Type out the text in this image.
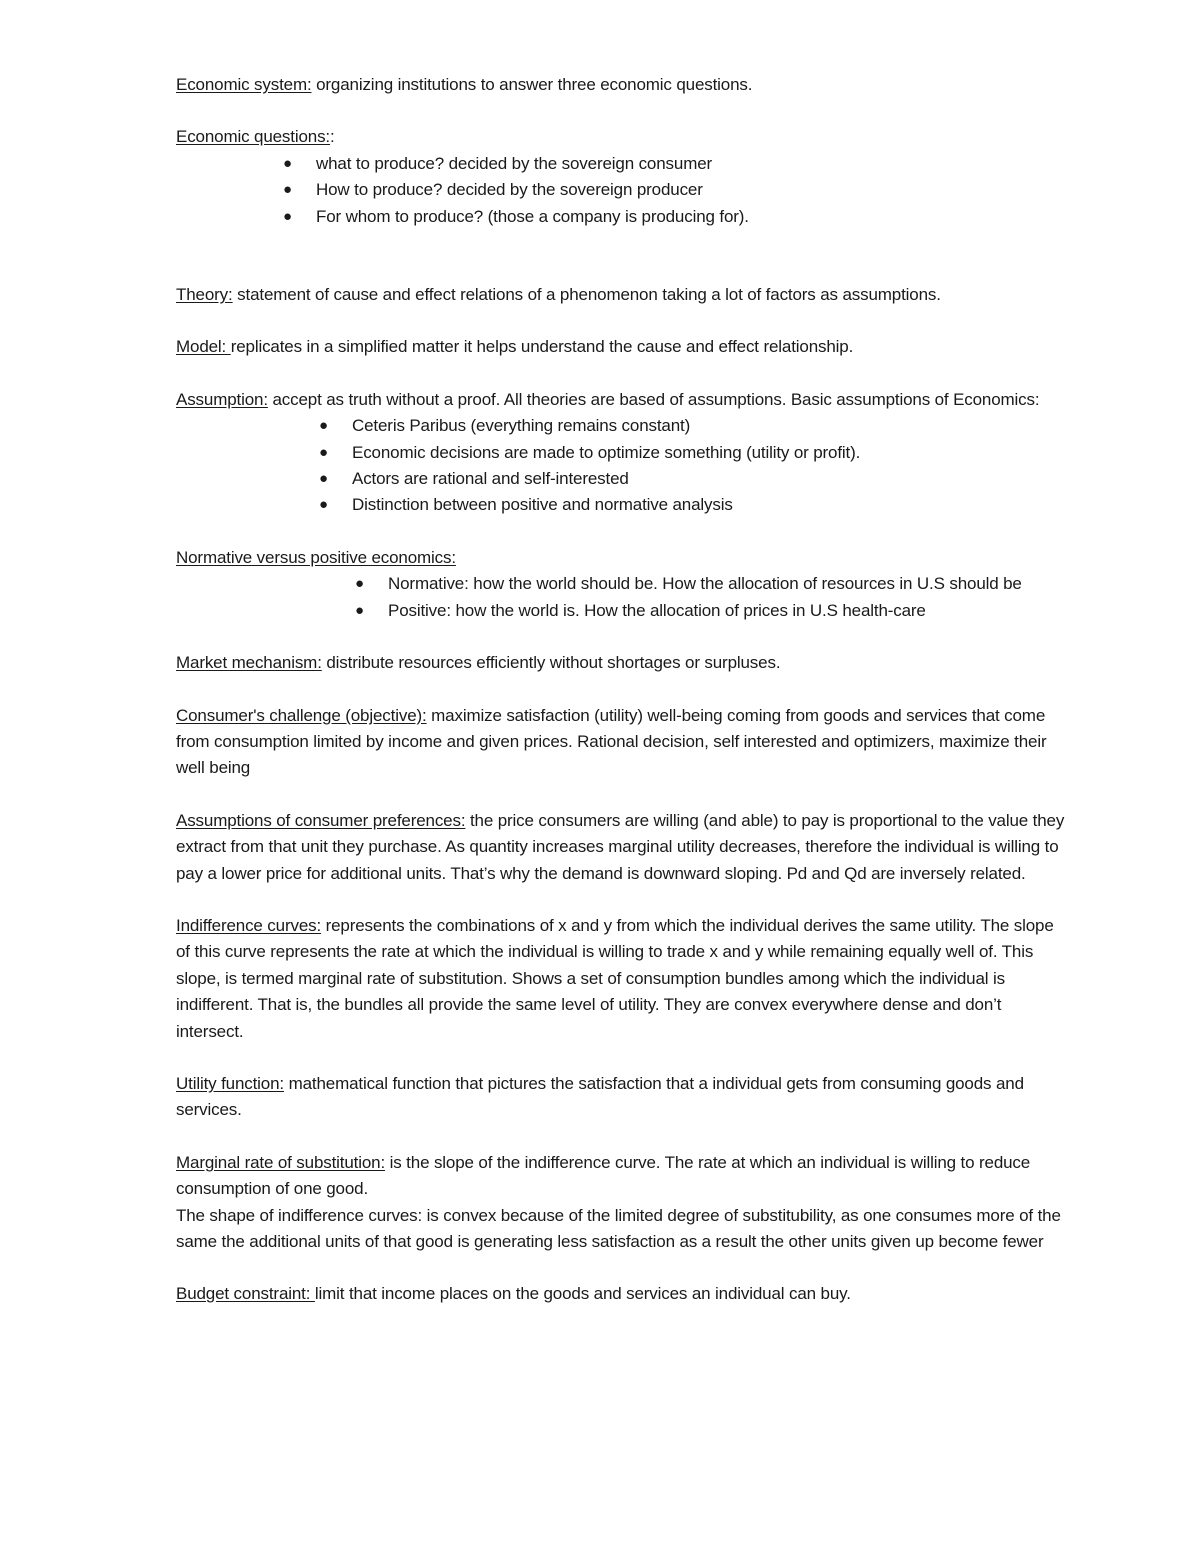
Economic system: organizing institutions to answer three economic questions.

Economic questions::

● what to produce? decided by the sovereign consumer
● How to produce? decided by the sovereign producer
● For whom to produce? (those a company is producing for).

Theory: statement of cause and effect relations of a phenomenon taking a lot of factors as assumptions.

Model: replicates in a simplified matter it helps understand the cause and effect relationship.

Assumption: accept as truth without a proof. All theories are based of assumptions. Basic assumptions of Economics:

● Ceteris Paribus (everything remains constant)
● Economic decisions are made to optimize something (utility or profit).
● Actors are rational and self-interested
● Distinction between positive and normative analysis

Normative versus positive economics:

● Normative: how the world should be. How the allocation of resources in U.S should be
● Positive: how the world is. How the allocation of prices in U.S health-care

Market mechanism: distribute resources efficiently without shortages or surpluses.

Consumer's challenge (objective): maximize satisfaction (utility) well-being coming from goods and services that come from consumption limited by income and given prices. Rational decision, self interested and optimizers, maximize their well being

Assumptions of consumer preferences: the price consumers are willing (and able) to pay is proportional to the value they extract from that unit they purchase. As quantity increases marginal utility decreases, therefore the individual is willing to pay a lower price for additional units. That’s why the demand is downward sloping. Pd and Qd are inversely related.

Indifference curves: represents the combinations of x and y from which the individual derives the same utility. The slope of this curve represents the rate at which the individual is willing to trade x and y while remaining equally well of. This slope, is termed marginal rate of substitution. Shows a set of consumption bundles among which the individual is indifferent. That is, the bundles all provide the same level of utility. They are convex everywhere dense and don’t intersect.

Utility function: mathematical function that pictures the satisfaction that a individual gets from consuming goods and services.

Marginal rate of substitution: is the slope of the indifference curve. The rate at which an individual is willing to reduce consumption of one good.

The shape of indifference curves: is convex because of the limited degree of substitubility, as one consumes more of the same the additional units of that good is generating less satisfaction as a result the other units given up become fewer

Budget constraint: limit that income places on the goods and services an individual can buy.
